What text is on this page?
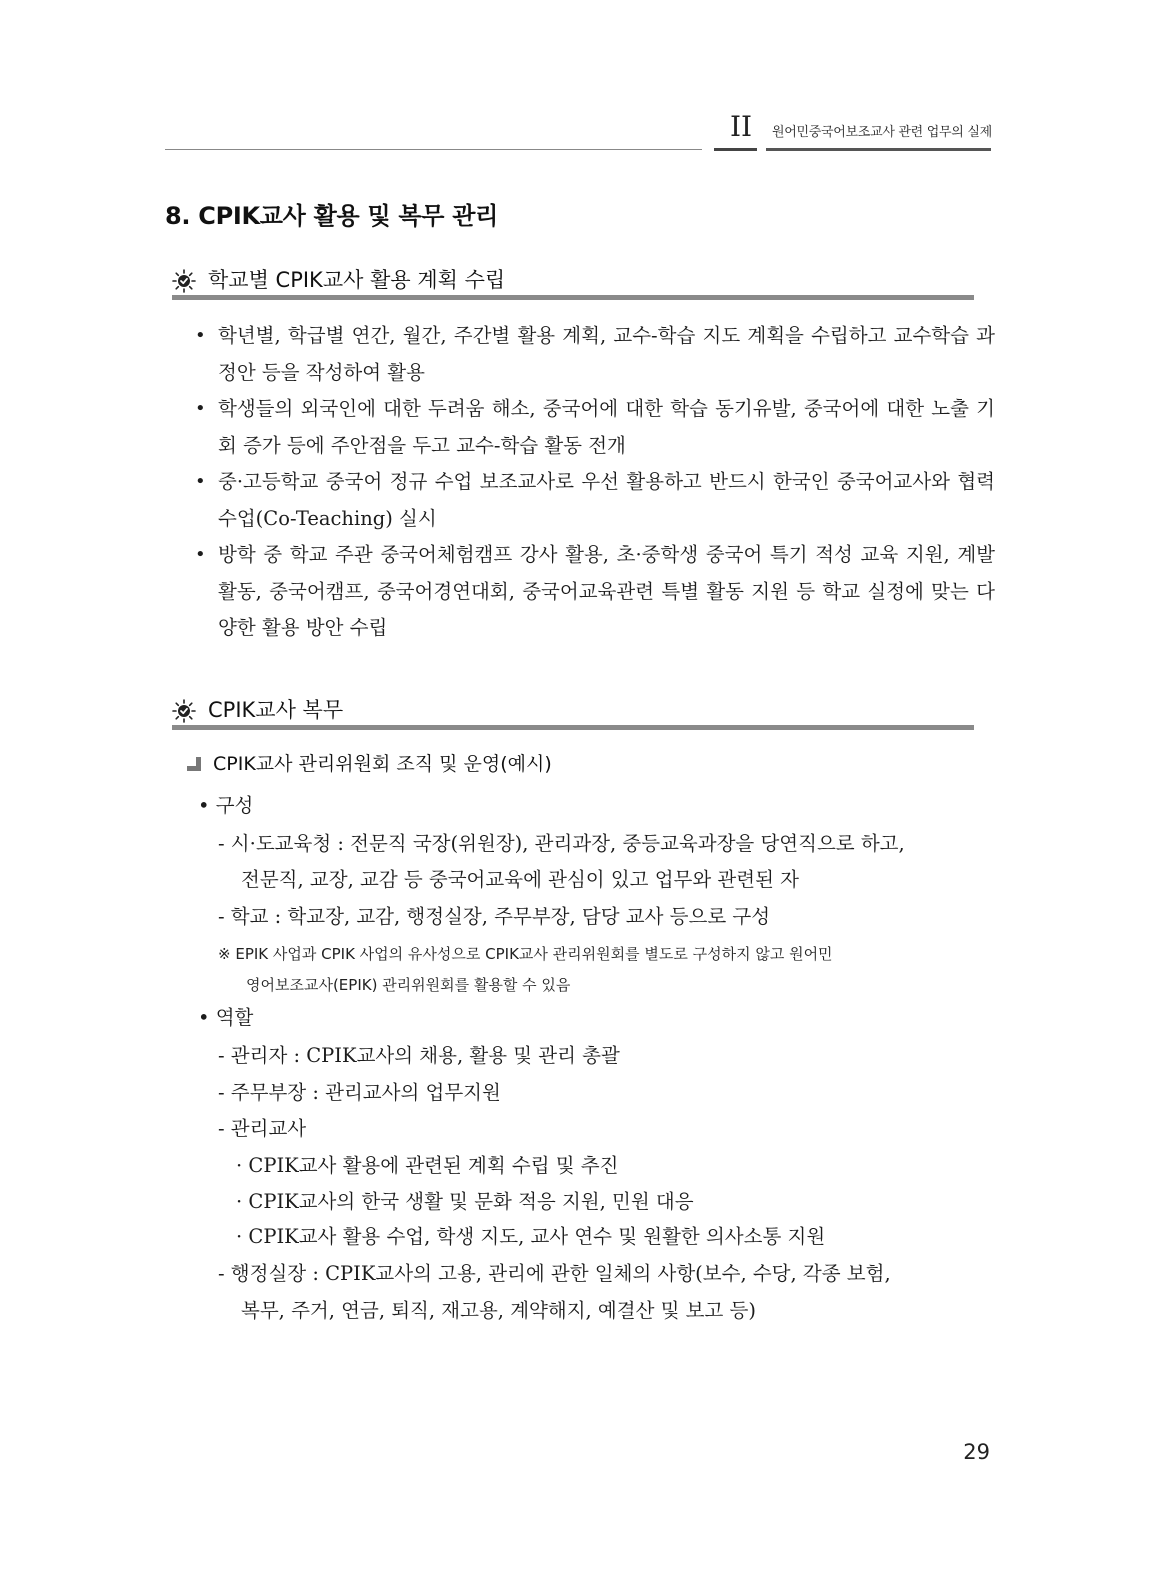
II	원어민중국어보조교사 관련 업무의 실제
8. CPIK교사 활용 및 복무 관리
학교별 CPIK교사 활용 계획 수립
• 학년별, 학급별 연간, 월간, 주간별 활용 계획, 교수-학습 지도 계획을 수립하고 교수학습 과정안 등을 작성하여 활용
• 학생들의 외국인에 대한 두려움 해소, 중국어에 대한 학습 동기유발, 중국어에 대한 노출 기회 증가 등에 주안점을 두고 교수-학습 활동 전개
• 중·고등학교 중국어 정규 수업 보조교사로 우선 활용하고 반드시 한국인 중국어교사와 협력수업(Co-Teaching) 실시
• 방학 중 학교 주관 중국어체험캠프 강사 활용, 초·중학생 중국어 특기 적성 교육 지원, 계발활동, 중국어캠프, 중국어경연대회, 중국어교육관련 특별 활동 지원 등 학교 실정에 맞는 다양한 활용 방안 수립
CPIK교사 복무
CPIK교사 관리위원회 조직 및 운영(예시)
• 구성
- 시·도교육청 : 전문직 국장(위원장), 관리과장, 중등교육과장을 당연직으로 하고,
전문직, 교장, 교감 등 중국어교육에 관심이 있고 업무와 관련된 자
- 학교 : 학교장, 교감, 행정실장, 주무부장, 담당 교사 등으로 구성
※ EPIK 사업과 CPIK 사업의 유사성으로 CPIK교사 관리위원회를 별도로 구성하지 않고 원어민
영어보조교사(EPIK) 관리위원회를 활용할 수 있음
• 역할
- 관리자 : CPIK교사의 채용, 활용 및 관리 총괄
- 주무부장 : 관리교사의 업무지원
- 관리교사
· CPIK교사 활용에 관련된 계획 수립 및 추진
· CPIK교사의 한국 생활 및 문화 적응 지원, 민원 대응
· CPIK교사 활용 수업, 학생 지도, 교사 연수 및 원활한 의사소통 지원
- 행정실장 : CPIK교사의 고용, 관리에 관한 일체의 사항(보수, 수당, 각종 보험,
복무, 주거, 연금, 퇴직, 재고용, 계약해지, 예결산 및 보고 등)
29
